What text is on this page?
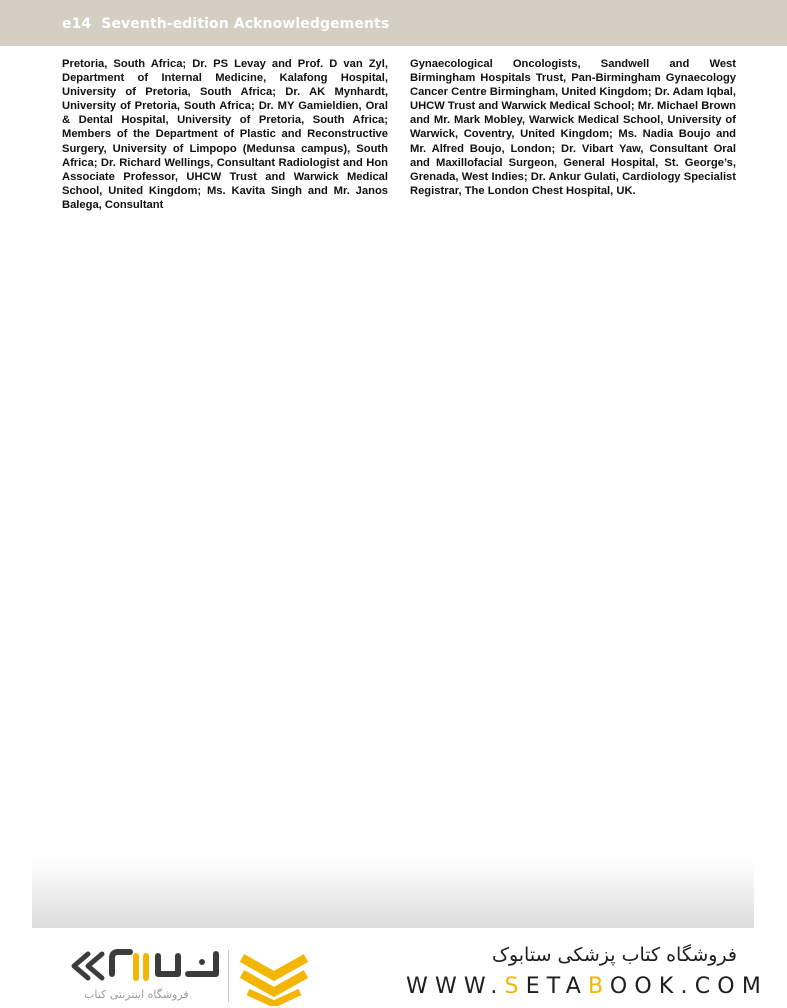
e14 Seventh-edition Acknowledgements

Pretoria, South Africa; Dr. PS Levay and Prof. D van Zyl, Department of Internal Medicine, Kalafong Hospital, University of Pretoria, South Africa; Dr. AK Mynhardt, University of Pretoria, South Africa; Dr. MY Gamieldien, Oral & Dental Hospital, University of Pretoria, South Africa; Members of the Department of Plastic and Reconstructive Surgery, University of Limpopo (Medunsa campus), South Africa; Dr. Richard Wellings, Consultant Radiologist and Hon Associate Professor, UHCW Trust and Warwick Medical School, United Kingdom; Ms. Kavita Singh and Mr. Janos Balega, Consultant

Gynaecological Oncologists, Sandwell and West Birmingham Hospitals Trust, Pan-Birmingham Gynaecology Cancer Centre Birmingham, United Kingdom; Dr. Adam Iqbal, UHCW Trust and Warwick Medical School; Mr. Michael Brown and Mr. Mark Mobley, Warwick Medical School, University of Warwick, Coventry, United Kingdom; Ms. Nadia Boujo and Mr. Alfred Boujo, London; Dr. Vibart Yaw, Consultant Oral and Maxillofacial Surgeon, General Hospital, St. George’s, Grenada, West Indies; Dr. Ankur Gulati, Cardiology Specialist Registrar, The London Chest Hospital, UK.

فروشگاه اینترنتی کتاب
فروشگاه کتاب پزشکی ستابوک
WWW.SETABOOK.COM
